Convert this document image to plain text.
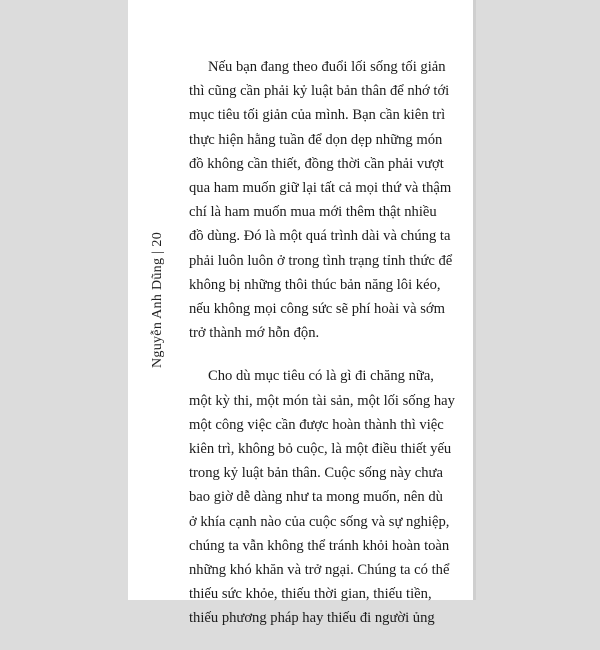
Nguyễn Anh Dũng|20

Nếu bạn đang theo đuổi lối sống tối giản
thì cũng cần phải kỷ luật bản thân để nhớ tới
mục tiêu tối giản của mình. Bạn cần kiên trì
thực hiện hằng tuần để dọn dẹp những món
đồ không cần thiết, đồng thời cần phải vượt
qua ham muốn giữ lại tất cả mọi thứ và thậm
chí là ham muốn mua mới thêm thật nhiều
đồ dùng. Đó là một quá trình dài và chúng ta
phải luôn luôn ở trong tình trạng tỉnh thức để
không bị những thôi thúc bản năng lôi kéo,
nếu không mọi công sức sẽ phí hoài và sớm
trở thành mớ hỗn độn.

Cho dù mục tiêu có là gì đi chăng nữa,
một kỳ thi, một món tài sản, một lối sống hay
một công việc cần được hoàn thành thì việc
kiên trì, không bỏ cuộc, là một điều thiết yếu
trong kỷ luật bản thân. Cuộc sống này chưa
bao giờ dễ dàng như ta mong muốn, nên dù
ở khía cạnh nào của cuộc sống và sự nghiệp,
chúng ta vẫn không thể tránh khỏi hoàn toàn
những khó khăn và trở ngại. Chúng ta có thể
thiếu sức khỏe, thiếu thời gian, thiếu tiền,
thiếu phương pháp hay thiếu đi người ủng
